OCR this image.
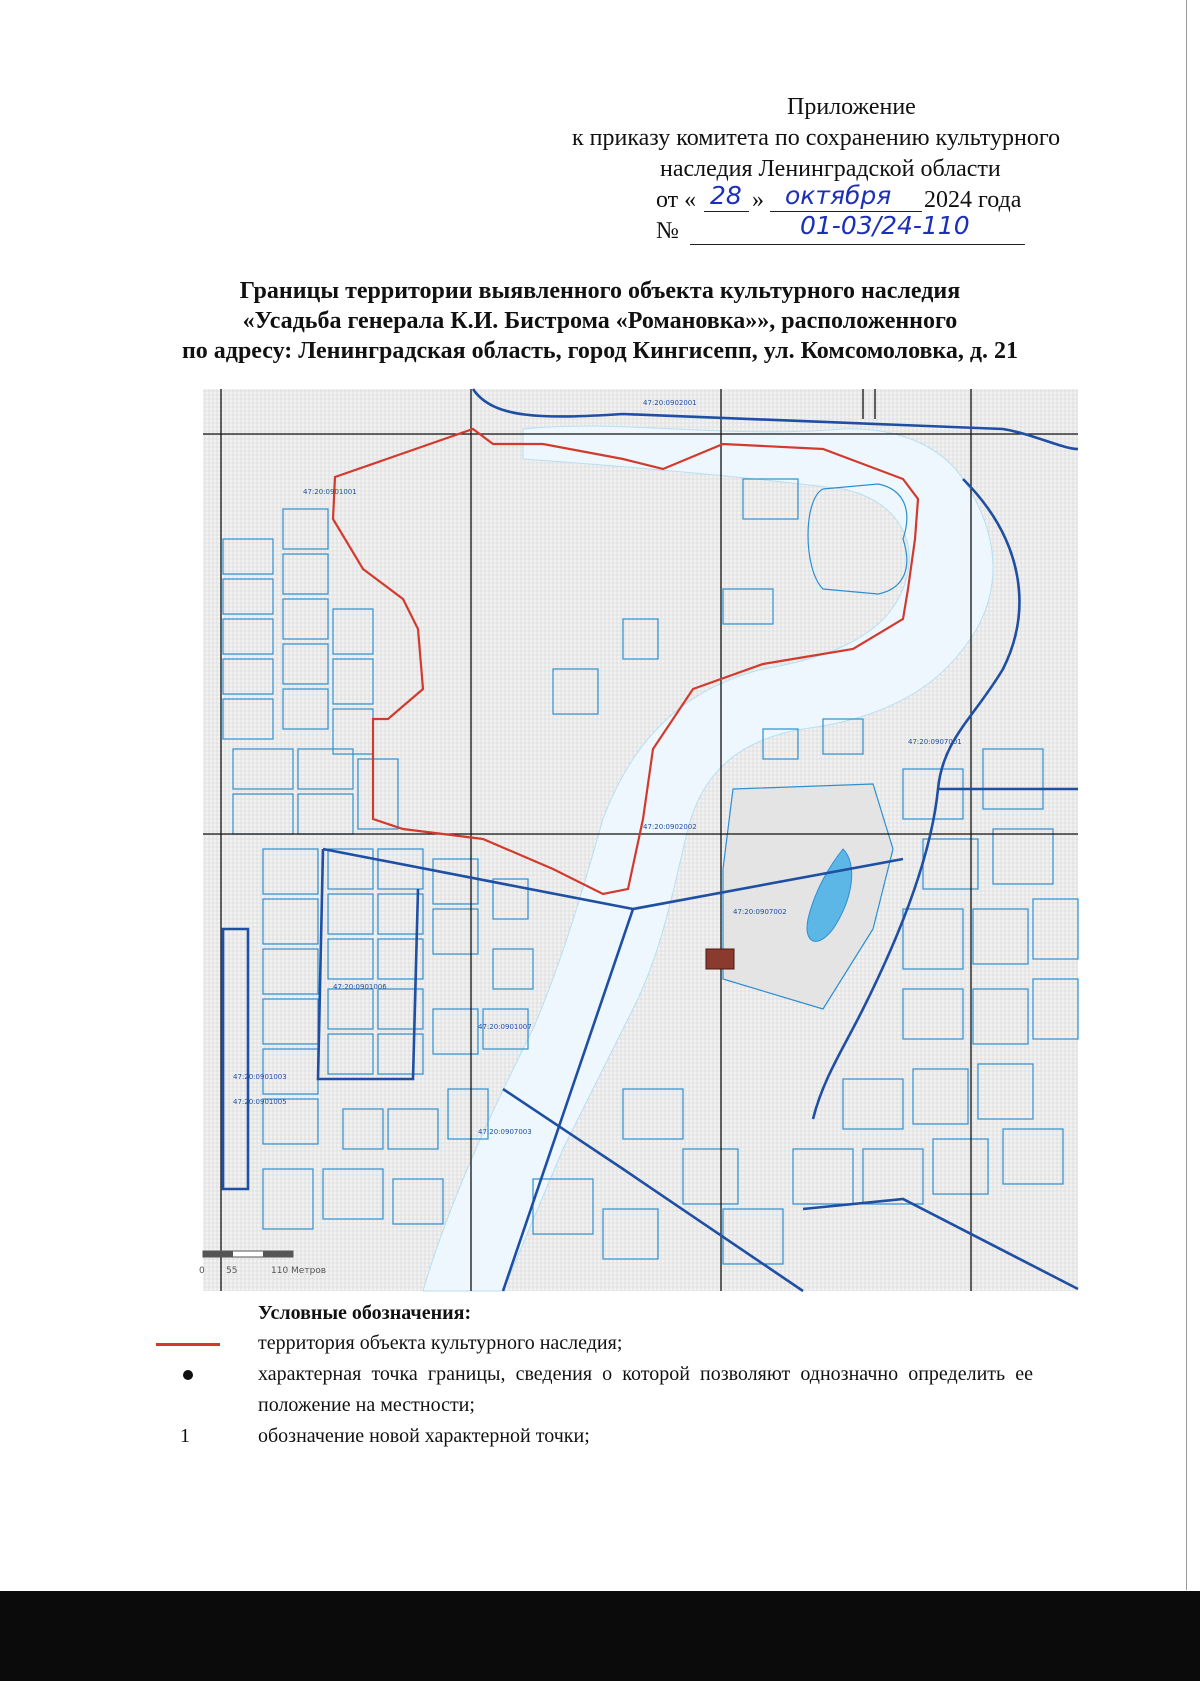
Приложение
к приказу комитета по сохранению культурного
наследия Ленинградской области
от « 28 » октября 2024 года
№	01-03/24-110
Границы территории выявленного объекта культурного наследия
«Усадьба генерала К.И. Бистрома «Романовка»», расположенного
по адресу: Ленинградская область, город Кингисепп, ул. Комсомоловка, д. 21
47:20:0902001
47:20:0901001
47:20:0902002
47:20:0907002
47:20:0907001
47:20:0901006
47:20:0901007
47:20:0901003
47:20:0901005
47:20:0907003
0 55	110 Метров
Условные обозначения:
территория объекта культурного наследия;
характерная точка границы, сведения о которой позволяют однозначно определить ее положение на местности;
1	обозначение новой характерной точки;
